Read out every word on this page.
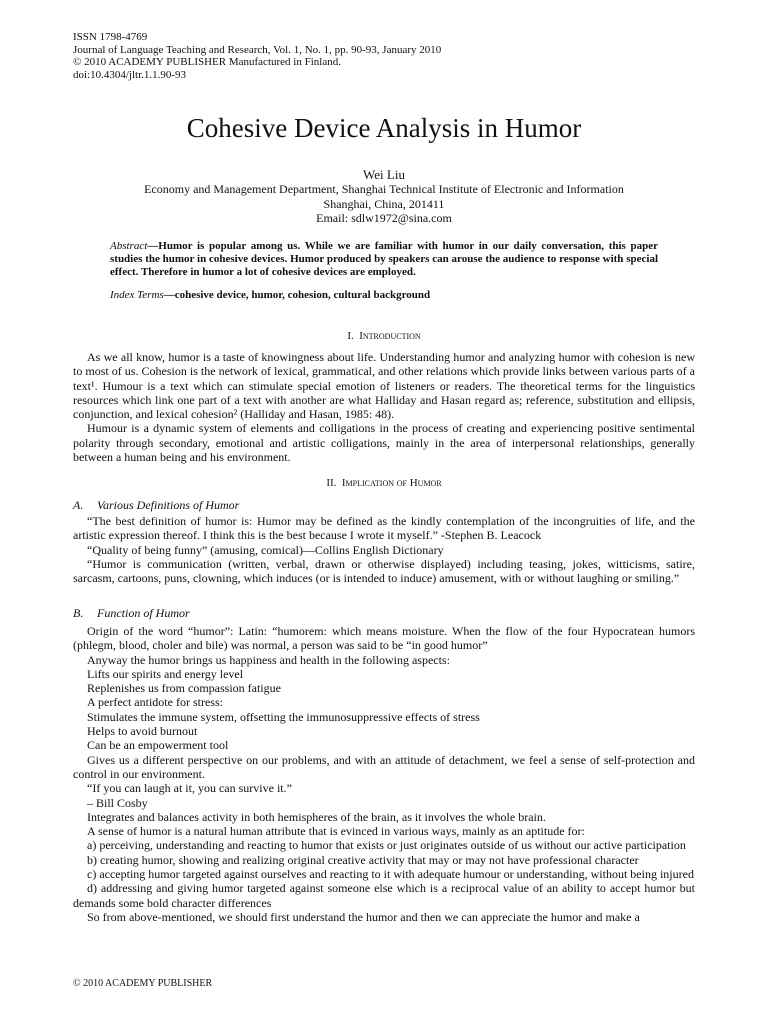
ISSN 1798-4769
Journal of Language Teaching and Research, Vol. 1, No. 1, pp. 90-93, January 2010
© 2010 ACADEMY PUBLISHER Manufactured in Finland.
doi:10.4304/jltr.1.1.90-93
Cohesive Device Analysis in Humor
Wei Liu
Economy and Management Department, Shanghai Technical Institute of Electronic and Information
Shanghai, China, 201411
Email: sdlw1972@sina.com
Abstract—Humor is popular among us. While we are familiar with humor in our daily conversation, this paper studies the humor in cohesive devices. Humor produced by speakers can arouse the audience to response with special effect. Therefore in humor a lot of cohesive devices are employed.
Index Terms—cohesive device, humor, cohesion, cultural background
I. Introduction

As we all know, humor is a taste of knowingness about life. Understanding humor and analyzing humor with cohesion is new to most of us. Cohesion is the network of lexical, grammatical, and other relations which provide links between various parts of a text¹. Humour is a text which can stimulate special emotion of listeners or readers. The theoretical terms for the linguistics resources which link one part of a text with another are what Halliday and Hasan regard as; reference, substitution and ellipsis, conjunction, and lexical cohesion² (Halliday and Hasan, 1985: 48).

Humour is a dynamic system of elements and colligations in the process of creating and experiencing positive sentimental polarity through secondary, emotional and artistic colligations, mainly in the area of interpersonal relationships, generally between a human being and his environment.

II. Implication of Humor
A. Various Definitions of Humor

“The best definition of humor is: Humor may be defined as the kindly contemplation of the incongruities of life, and the artistic expression thereof. I think this is the best because I wrote it myself.” -Stephen B. Leacock

“Quality of being funny” (amusing, comical)—Collins English Dictionary

“Humor is communication (written, verbal, drawn or otherwise displayed) including teasing, jokes, witticisms, satire, sarcasm, cartoons, puns, clowning, which induces (or is intended to induce) amusement, with or without laughing or smiling.”

B. Function of Humor

Origin of the word “humor”: Latin: “humorem: which means moisture. When the flow of the four Hypocratean humors (phlegm, blood, choler and bile) was normal, a person was said to be “in good humor”

Anyway the humor brings us happiness and health in the following aspects:

Lifts our spirits and energy level

Replenishes us from compassion fatigue

A perfect antidote for stress:

Stimulates the immune system, offsetting the immunosuppressive effects of stress

Helps to avoid burnout

Can be an empowerment tool

Gives us a different perspective on our problems, and with an attitude of detachment, we feel a sense of self-protection and control in our environment.

“If you can laugh at it, you can survive it.”

– Bill Cosby

Integrates and balances activity in both hemispheres of the brain, as it involves the whole brain.

A sense of humor is a natural human attribute that is evinced in various ways, mainly as an aptitude for:

a) perceiving, understanding and reacting to humor that exists or just originates outside of us without our active participation

b) creating humor, showing and realizing original creative activity that may or may not have professional character

c) accepting humor targeted against ourselves and reacting to it with adequate humour or understanding, without being injured

d) addressing and giving humor targeted against someone else which is a reciprocal value of an ability to accept humor but demands some bold character differences

So from above-mentioned, we should first understand the humor and then we can appreciate the humor and make a

© 2010 ACADEMY PUBLISHER
